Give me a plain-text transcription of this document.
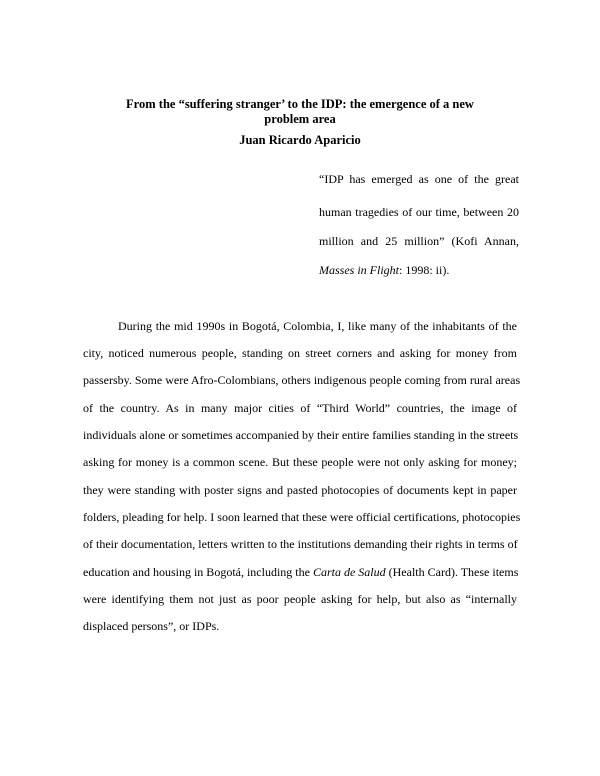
From the “suffering stranger’ to the IDP: the emergence of a new
problem area
Juan Ricardo Aparicio
“IDP has emerged as one of the great
human tragedies of our time, between 20
million and 25 million” (Kofi Annan,
Masses in Flight: 1998: ii).
During the mid 1990s in Bogotá, Colombia, I, like many of the inhabitants of the
city, noticed numerous people, standing on street corners and asking for money from
passersby. Some were Afro-Colombians, others indigenous people coming from rural areas
of the country. As in many major cities of “Third World” countries, the image of
individuals alone or sometimes accompanied by their entire families standing in the streets
asking for money is a common scene. But these people were not only asking for money;
they were standing with poster signs and pasted photocopies of documents kept in paper
folders, pleading for help. I soon learned that these were official certifications, photocopies
of their documentation, letters written to the institutions demanding their rights in terms of
education and housing in Bogotá, including the Carta de Salud (Health Card). These items
were identifying them not just as poor people asking for help, but also as “internally
displaced persons”, or IDPs.
